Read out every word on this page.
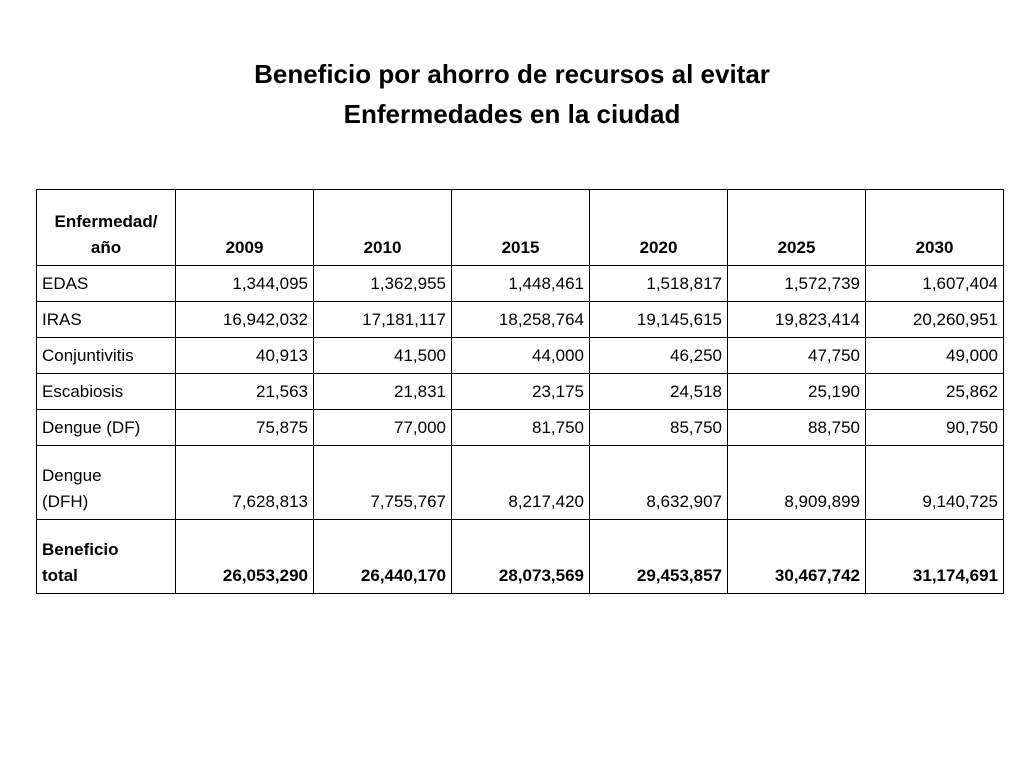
Beneficio por ahorro de recursos al evitar
Enfermedades en la ciudad
Enfermedad/
año	2009	2010	2015	2020	2025	2030
EDAS	1,344,095	1,362,955	1,448,461	1,518,817	1,572,739	1,607,404
IRAS	16,942,032	17,181,117	18,258,764	19,145,615	19,823,414	20,260,951
Conjuntivitis	40,913	41,500	44,000	46,250	47,750	49,000
Escabiosis	21,563	21,831	23,175	24,518	25,190	25,862
Dengue (DF)	75,875	77,000	81,750	85,750	88,750	90,750

Dengue
(DFH)	7,628,813	7,755,767	8,217,420	8,632,907	8,909,899	9,140,725

Beneficio
total	26,053,290	26,440,170	28,073,569	29,453,857	30,467,742	31,174,691
